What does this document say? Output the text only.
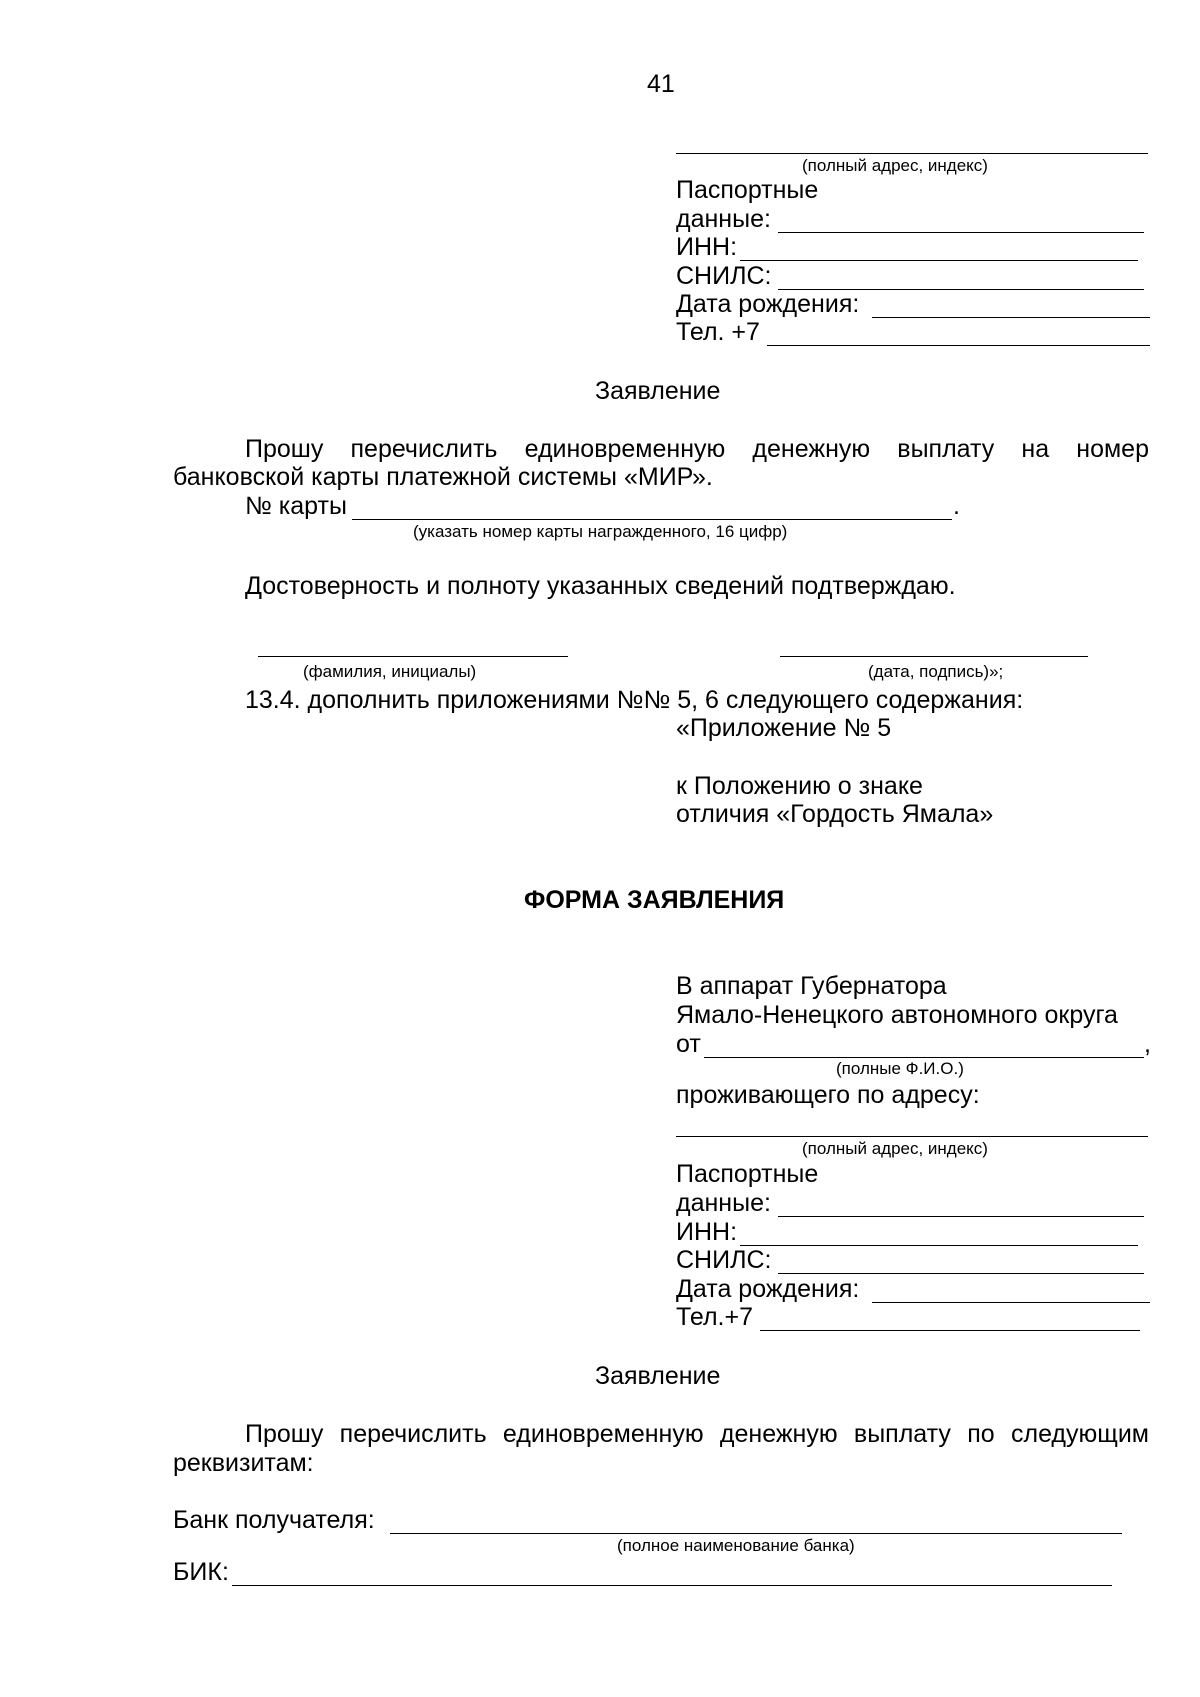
41
(полный адрес, индекс)
Паспортные
данные:
ИНН:
СНИЛС:
Дата рождения:
Тел. +7
Заявление
Прошу перечислить единовременную денежную выплату на номер
банковской карты платежной системы «МИР».
№ карты	.
(указать номер карты награжденного, 16 цифр)
Достоверность и полноту указанных сведений подтверждаю.
(фамилия, инициалы)	(дата, подпись)»;
13.4. дополнить приложениями №№ 5, 6 следующего содержания:
«Приложение № 5
к Положению о знаке
отличия «Гордость Ямала»
ФОРМА ЗАЯВЛЕНИЯ
В аппарат Губернатора
Ямало-Ненецкого автономного округа
от	,
(полные Ф.И.О.)
проживающего по адресу:
(полный адрес, индекс)
Паспортные
данные:
ИНН:
СНИЛС:
Дата рождения:
Тел.+7
Заявление
Прошу перечислить единовременную денежную выплату по следующим
реквизитам:
Банк получателя:
(полное наименование банка)
БИК:
